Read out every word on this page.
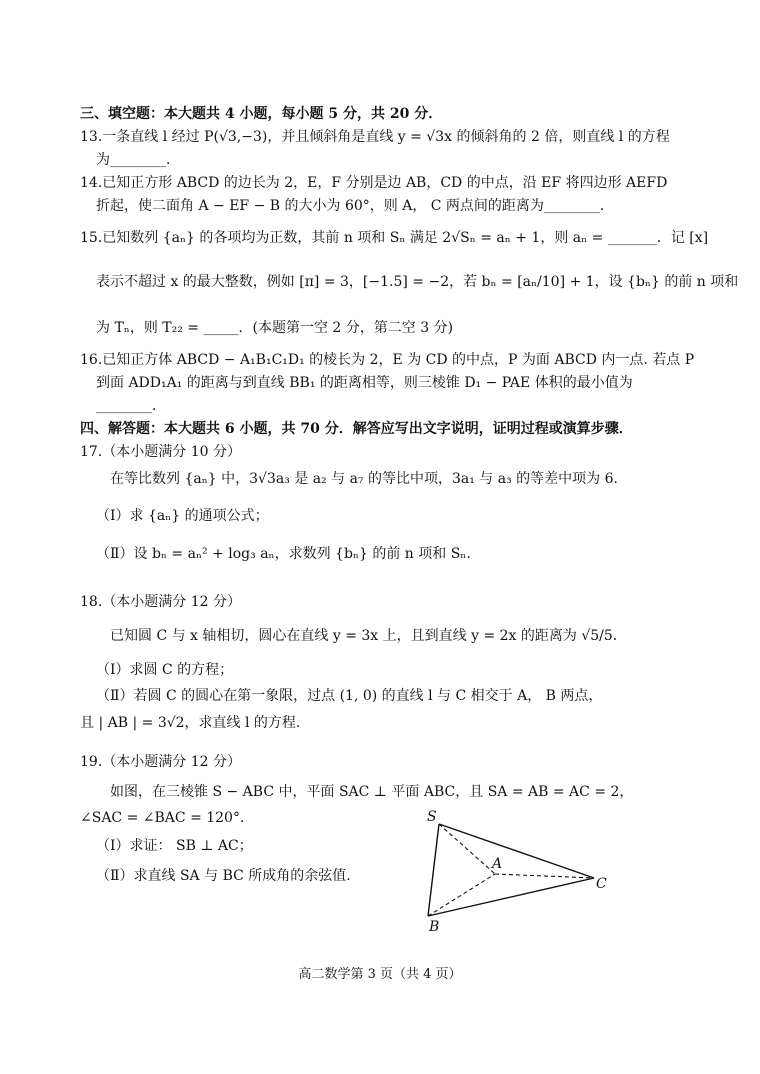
三、填空题：本大题共 4 小题，每小题 5 分，共 20 分．
13.一条直线 l 经过 P(√3,−3)，并且倾斜角是直线 y = √3x 的倾斜角的 2 倍，则直线 l 的方程
为________．
14.已知正方形 ABCD 的边长为 2，E，F 分别是边 AB，CD 的中点，沿 EF 将四边形 AEFD
折起，使二面角 A − EF − B 的大小为 60°，则 A， C 两点间的距离为________．
15.已知数列 {aₙ} 的各项均为正数，其前 n 项和 Sₙ 满足 2√Sₙ = aₙ + 1，则 aₙ = _______．记 [x]
表示不超过 x 的最大整数，例如 [π] = 3，[−1.5] = −2，若 bₙ = [aₙ/10] + 1，设 {bₙ} 的前 n 项和
为 Tₙ，则 T₂₂ = _____．(本题第一空 2 分，第二空 3 分)
16.已知正方体 ABCD − A₁B₁C₁D₁ 的棱长为 2，E 为 CD 的中点，P 为面 ABCD 内一点. 若点 P
到面 ADD₁A₁ 的距离与到直线 BB₁ 的距离相等，则三棱锥 D₁ − PAE 体积的最小值为
________．
四、解答题：本大题共 6 小题，共 70 分．解答应写出文字说明，证明过程或演算步骤．
17.（本小题满分 10 分）
在等比数列 {aₙ} 中，3√3a₃ 是 a₂ 与 a₇ 的等比中项，3a₁ 与 a₃ 的等差中项为 6．
（Ⅰ）求 {aₙ} 的通项公式；
（Ⅱ）设 bₙ = aₙ² + log₃ aₙ，求数列 {bₙ} 的前 n 项和 Sₙ．
18.（本小题满分 12 分）
已知圆 C 与 x 轴相切，圆心在直线 y = 3x 上，且到直线 y = 2x 的距离为 √5/5．
（Ⅰ）求圆 C 的方程；
（Ⅱ）若圆 C 的圆心在第一象限，过点 (1, 0) 的直线 l 与 C 相交于 A， B 两点，
且 | AB | = 3√2，求直线 l 的方程.
19.（本小题满分 12 分）
如图，在三棱锥 S − ABC 中，平面 SAC ⊥ 平面 ABC，且 SA = AB = AC = 2，
∠SAC = ∠BAC = 120°．
（Ⅰ）求证： SB ⊥ AC；
（Ⅱ）求直线 SA 与 BC 所成角的余弦值.
S
A
B
C
高二数学第 3 页（共 4 页）
